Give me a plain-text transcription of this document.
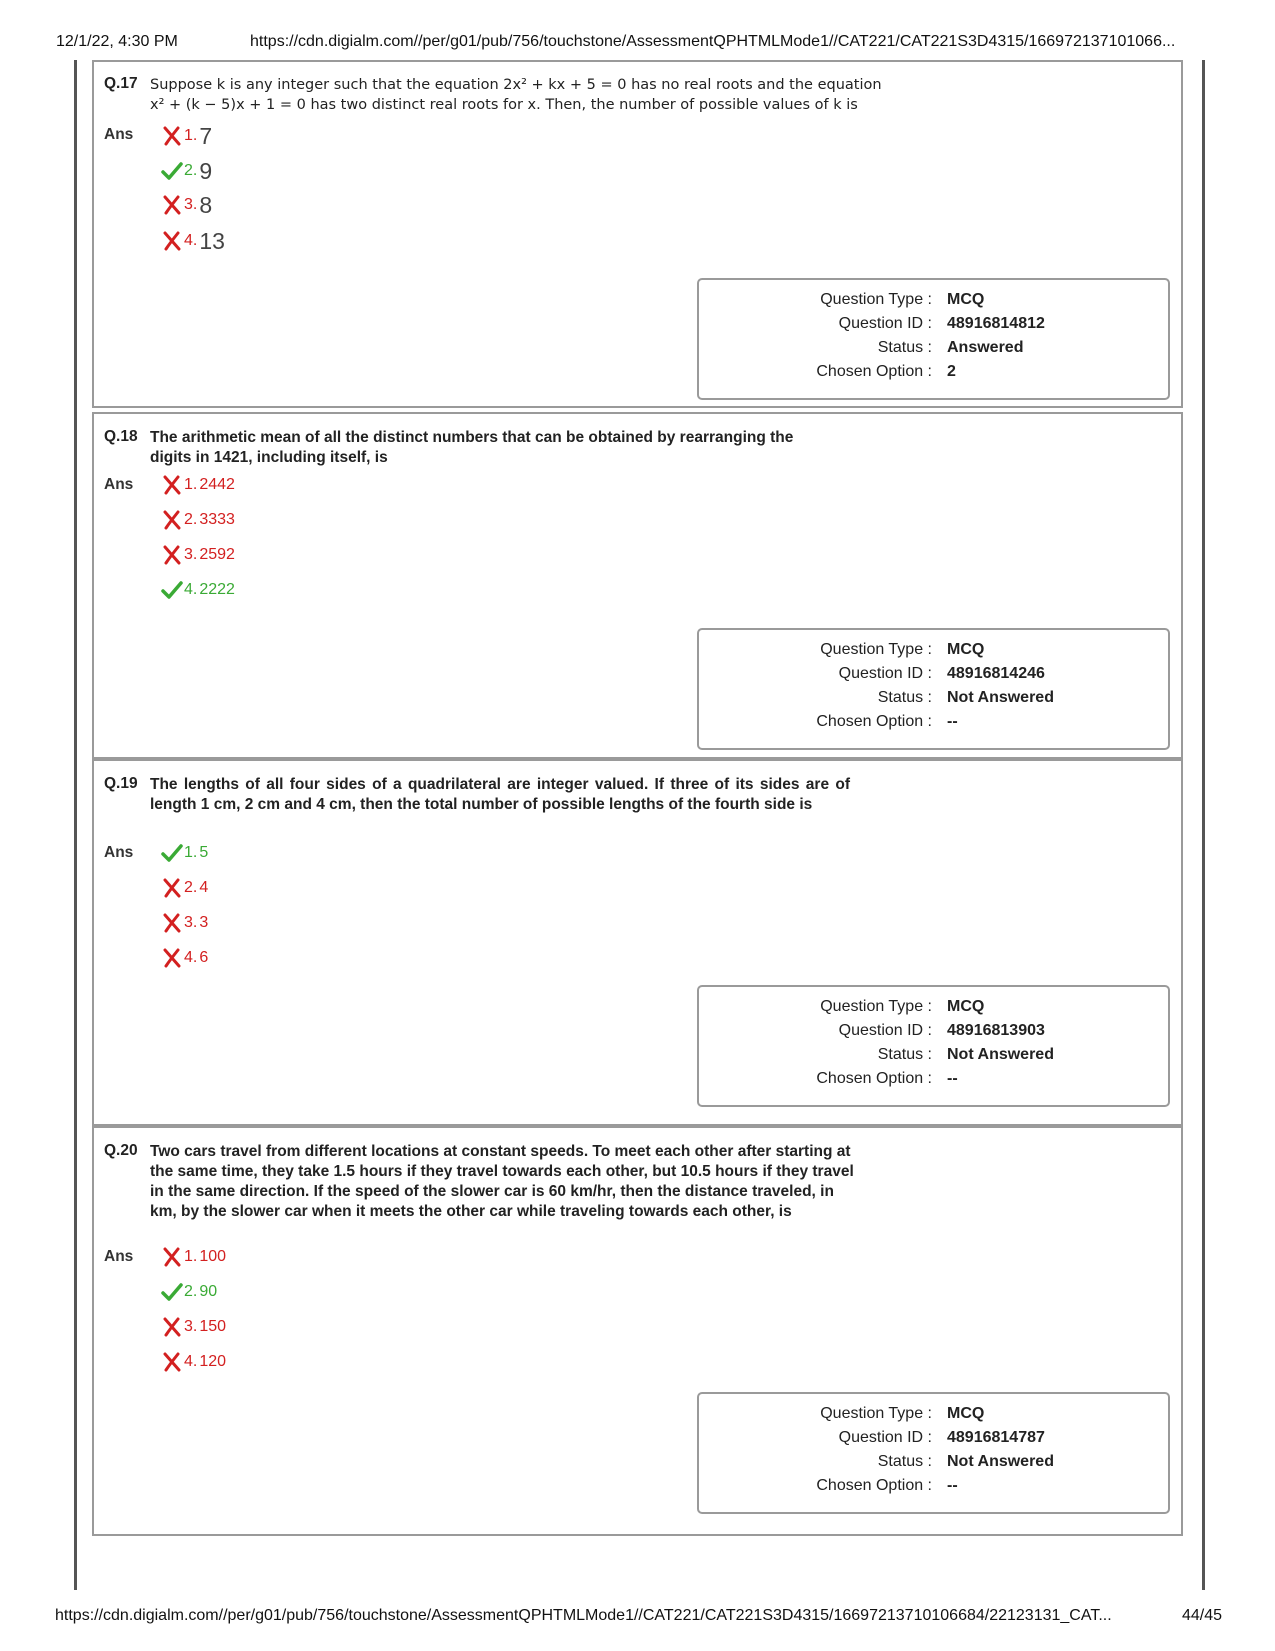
12/1/22, 4:30 PM	https://cdn.digialm.com//per/g01/pub/756/touchstone/AssessmentQPHTMLMode1//CAT221/CAT221S3D4315/166972137101066...
https://cdn.digialm.com//per/g01/pub/756/touchstone/AssessmentQPHTMLMode1//CAT221/CAT221S3D4315/16697213710106684/22123131_CAT...	44/45
Q.17 Suppose k is any integer such that the equation 2x² + kx + 5 = 0 has no real roots and the equation
x² + (k − 5)x + 1 = 0 has two distinct real roots for x. Then, the number of possible values of k is
Ans	1. 7
2. 9
3. 8
4. 13
Question Type : MCQ
Question ID : 48916814812
Status : Answered
Chosen Option : 2
Q.18 The arithmetic mean of all the distinct numbers that can be obtained by rearranging the digits in 1421, including itself, is
Ans	1. 2442
2. 3333
3. 2592
4. 2222
Question Type : MCQ
Question ID : 48916814246
Status : Not Answered
Chosen Option : --
Q.19 The lengths of all four sides of a quadrilateral are integer valued. If three of its sides are of length 1 cm, 2 cm and 4 cm, then the total number of possible lengths of the fourth side is
Ans	1. 5
2. 4
3. 3
4. 6
Question Type : MCQ
Question ID : 48916813903
Status : Not Answered
Chosen Option : --
Q.20 Two cars travel from different locations at constant speeds. To meet each other after starting at the same time, they take 1.5 hours if they travel towards each other, but 10.5 hours if they travel in the same direction. If the speed of the slower car is 60 km/hr, then the distance traveled, in km, by the slower car when it meets the other car while traveling towards each other, is
Ans	1. 100
2. 90
3. 150
4. 120
Question Type : MCQ
Question ID : 48916814787
Status : Not Answered
Chosen Option : --
